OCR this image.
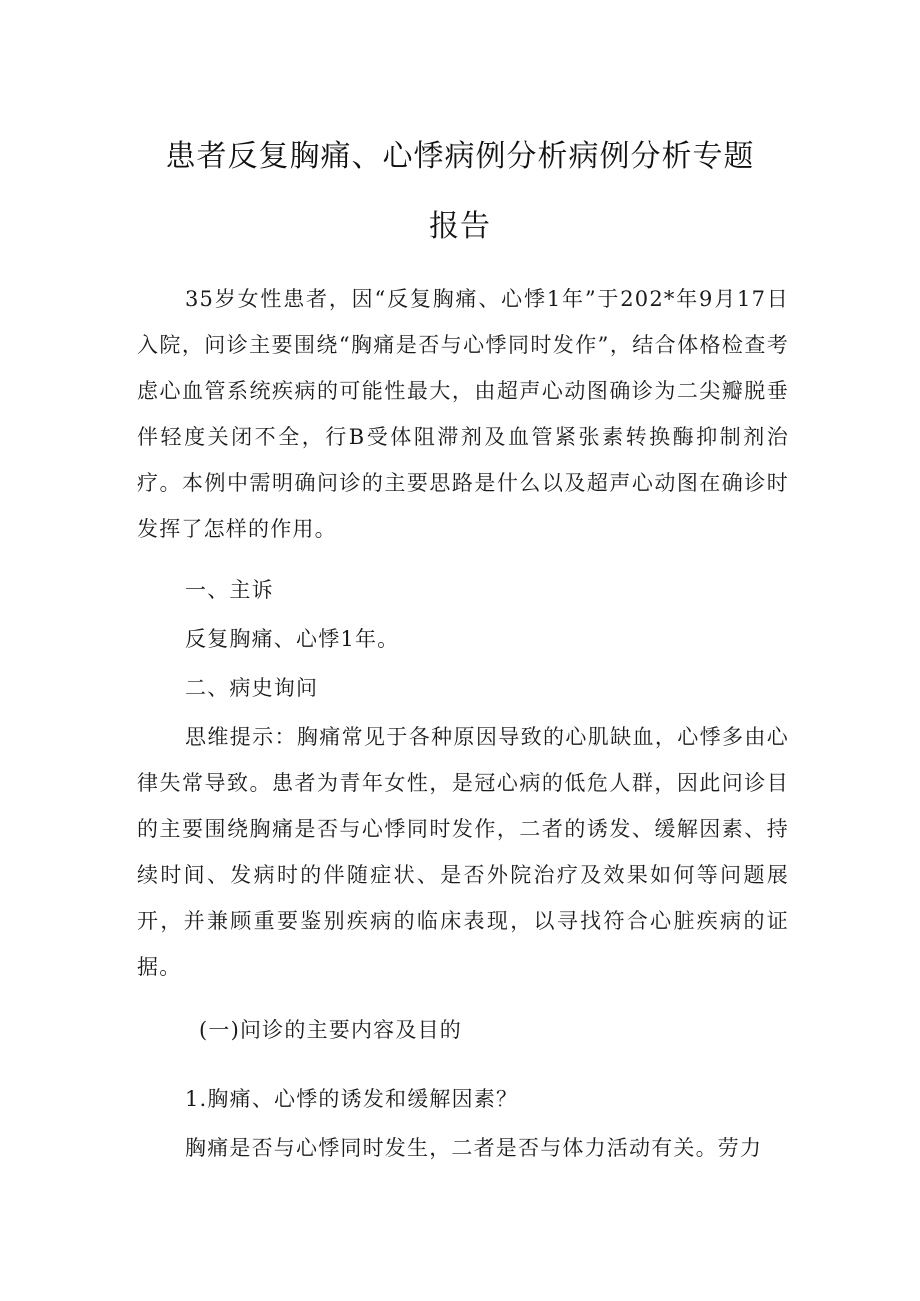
患者反复胸痛、心悸病例分析病例分析专题
报告

35岁女性患者，因“反复胸痛、心悸1年”于202*年9月17日入院，问诊主要围绕“胸痛是否与心悸同时发作”，结合体格检查考虑心血管系统疾病的可能性最大，由超声心动图确诊为二尖瓣脱垂伴轻度关闭不全，行B受体阻滞剂及血管紧张素转换酶抑制剂治疗。本例中需明确问诊的主要思路是什么以及超声心动图在确诊时发挥了怎样的作用。

一、主诉
反复胸痛、心悸1年。
二、病史询问

思维提示：胸痛常见于各种原因导致的心肌缺血，心悸多由心律失常导致。患者为青年女性，是冠心病的低危人群，因此问诊目的主要围绕胸痛是否与心悸同时发作，二者的诱发、缓解因素、持续时间、发病时的伴随症状、是否外院治疗及效果如何等问题展开，并兼顾重要鉴别疾病的临床表现，以寻找符合心脏疾病的证据。

(一)问诊的主要内容及目的
1.胸痛、心悸的诱发和缓解因素？
胸痛是否与心悸同时发生，二者是否与体力活动有关。劳力
